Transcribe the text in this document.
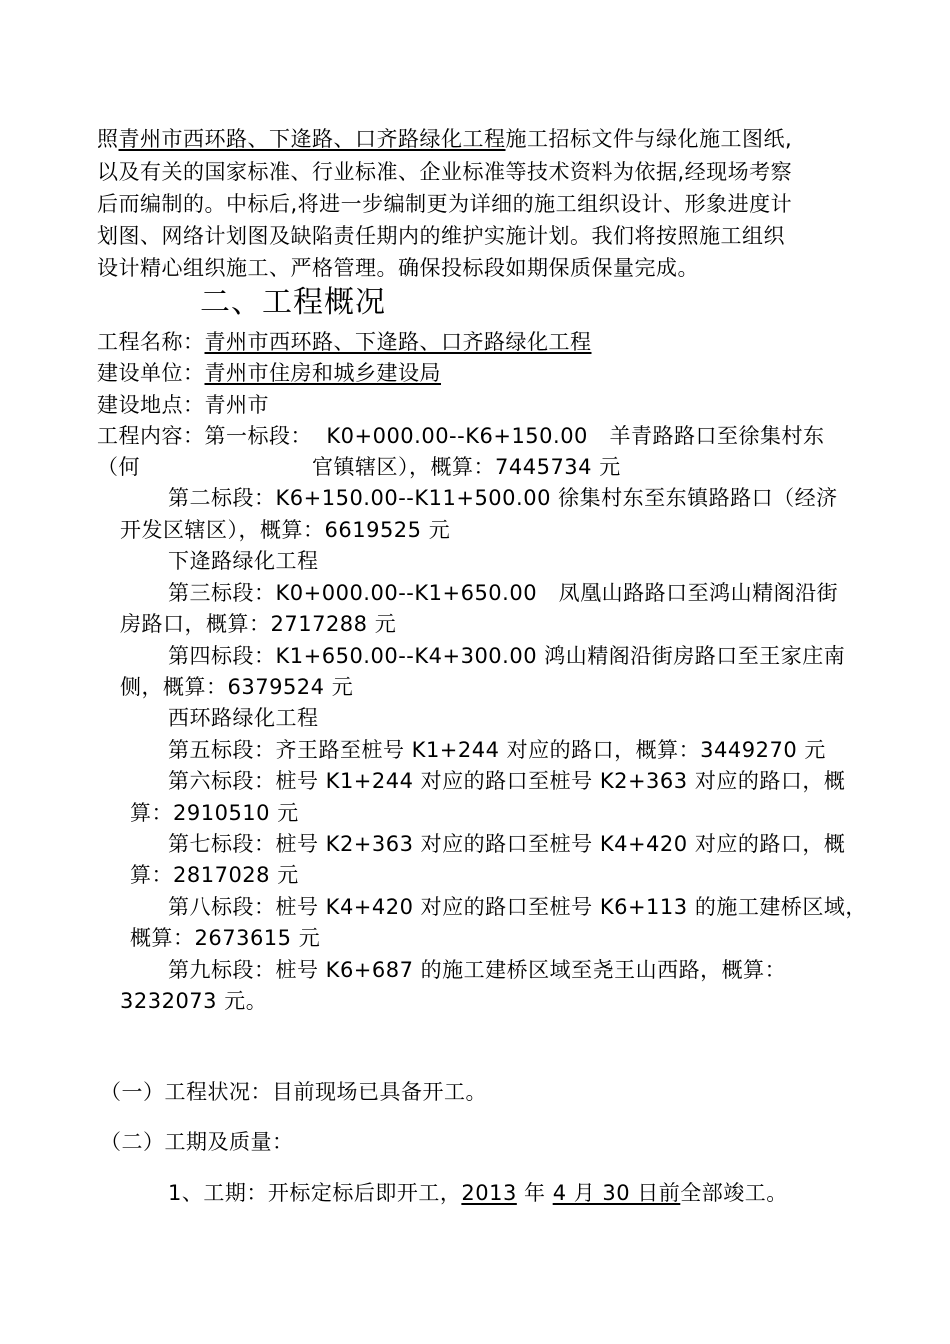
照青州市西环路、下逄路、口齐路绿化工程施工招标文件与绿化施工图纸,
以及有关的国家标准、行业标准、企业标准等技术资料为依据,经现场考察
后而编制的。中标后,将进一步编制更为详细的施工组织设计、形象进度计
划图、网络计划图及缺陷责任期内的维护实施计划。我们将按照施工组织
设计精心组织施工、严格管理。确保投标段如期保质保量完成。
二、工程概况
工程名称：青州市西环路、下逄路、口齐路绿化工程
建设单位：青州市住房和城乡建设局
建设地点：青州市
工程内容：第一标段：  K0+000.00--K6+150.00   羊青路路口至徐集村东
（何	官镇辖区），概算：7445734 元
第二标段：K6+150.00--K11+500.00 徐集村东至东镇路路口（经济
开发区辖区），概算：6619525 元
下逄路绿化工程
第三标段：K0+000.00--K1+650.00   凤凰山路路口至鸿山精阁沿街
房路口，概算：2717288 元
第四标段：K1+650.00--K4+300.00 鸿山精阁沿街房路口至王家庄南
侧，概算：6379524 元
西环路绿化工程
第五标段：齐王路至桩号 K1+244 对应的路口，概算：3449270 元
第六标段：桩号 K1+244 对应的路口至桩号 K2+363 对应的路口，概
算：2910510 元
第七标段：桩号 K2+363 对应的路口至桩号 K4+420 对应的路口，概
算：2817028 元
第八标段：桩号 K4+420 对应的路口至桩号 K6+113 的施工建桥区域，
概算：2673615 元
第九标段：桩号 K6+687 的施工建桥区域至尧王山西路，概算：
3232073 元。
（一）工程状况：目前现场已具备开工。
（二）工期及质量：
1、工期：开标定标后即开工，2013 年 4 月 30 日前全部竣工。
